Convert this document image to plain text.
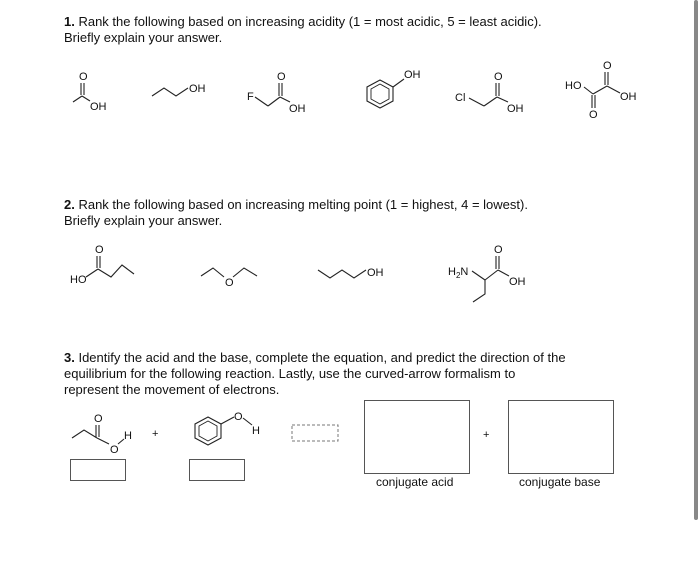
1. Rank the following based on increasing acidity (1 = most acidic, 5 = least acidic).
Briefly explain your answer.
O
OH
OH
F
O
OH
OH
Cl
O
OH
HO
O
O
OH
2. Rank the following based on increasing melting point (1 = highest, 4 = lowest).
Briefly explain your answer.
HO
O
O
OH	$H_2N$
O
OH
3. Identify the acid and the base, complete the equation, and predict the direction of the
equilibrium for the following reaction. Lastly, use the curved-arrow formalism to
represent the movement of electrons.
O
O
H +
O
H	+
conjugate acid	conjugate base
